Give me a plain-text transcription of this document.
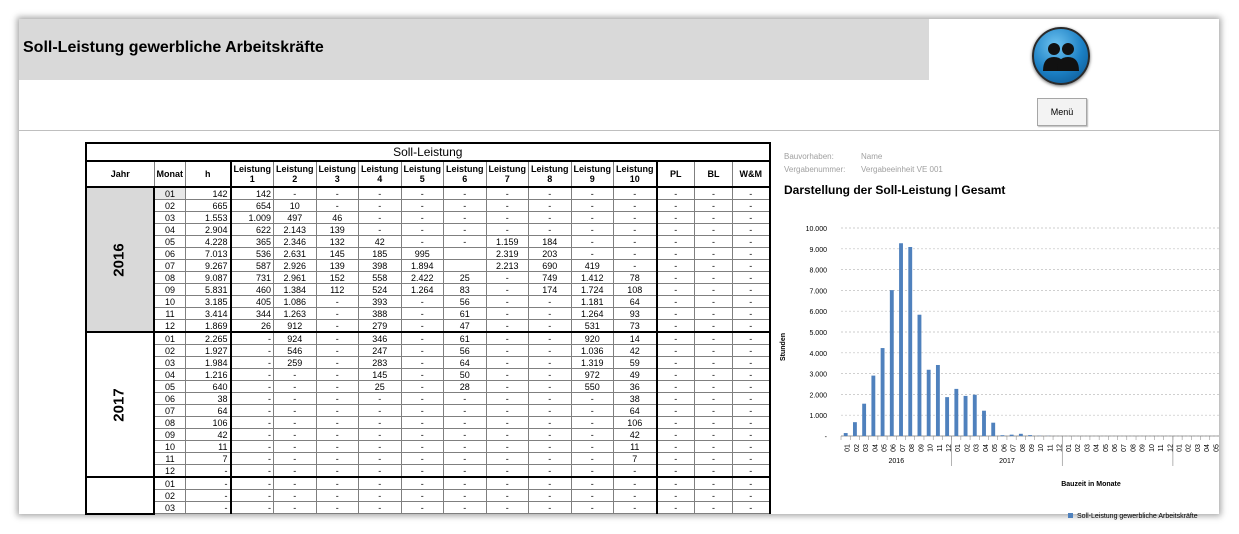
Soll-Leistung gewerbliche Arbeitskräfte
Menü
Soll-Leistung															
Jahr	Monat	h	Leistung 1	Leistung 2	Leistung 3	Leistung 4	Leistung 5	Leistung 6	Leistung 7	Leistung 8	Leistung 9	Leistung 10	PL	BL	W&M
2016	01	142	142	-	-	-	-	-	-	-	-	-	-	-	-
	02	665	654	10	-	-	-	-	-	-	-	-	-	-	-
	03	1.553	1.009	497	46	-	-	-	-	-	-	-	-	-	-
	04	2.904	622	2.143	139	-	-	-	-	-	-	-	-	-	-
	05	4.228	365	2.346	132	42	-	-	1.159	184	-	-	-	-	-
	06	7.013	536	2.631	145	185	995		2.319	203	-	-	-	-	-
	07	9.267	587	2.926	139	398	1.894		2.213	690	419	-	-	-	-
	08	9.087	731	2.961	152	558	2.422	25	-	749	1.412	78	-	-	-
	09	5.831	460	1.384	112	524	1.264	83	-	174	1.724	108	-	-	-
	10	3.185	405	1.086	-	393	-	56	-	-	1.181	64	-	-	-
	11	3.414	344	1.263	-	388	-	61	-	-	1.264	93	-	-	-
	12	1.869	26	912	-	279	-	47	-	-	531	73	-	-	-
2017	01	2.265	-	924	-	346	-	61	-	-	920	14	-	-	-
	02	1.927	-	546	-	247	-	56	-	-	1.036	42	-	-	-
	03	1.984	-	259	-	283	-	64	-	-	1.319	59	-	-	-
	04	1.216	-	-	-	145	-	50	-	-	972	49	-	-	-
	05	640	-	-	-	25	-	28	-	-	550	36	-	-	-
	06	38	-	-	-	-	-	-	-	-	-	38	-	-	-
	07	64	-	-	-	-	-	-	-	-	-	64	-	-	-
	08	106	-	-	-	-	-	-	-	-	-	106	-	-	-
	09	42	-	-	-	-	-	-	-	-	-	42	-	-	-
	10	11	-	-	-	-	-	-	-	-	-	11	-	-	-
	11	7	-	-	-	-	-	-	-	-	-	7	-	-	-
	12	-	-	-	-	-	-	-	-	-	-	-	-	-	-
	01	-	-	-	-	-	-	-	-	-	-	-	-	-	-
	02	-	-	-	-	-	-	-	-	-	-	-	-	-	-
	03	-	-	-	-	-	-	-	-	-	-	-	-	-	-
Bauvorhaben:	Name
Vergabenummer: Vergabeeinheit VE 001
Darstellung der Soll-Leistung | Gesamt
-
1.000
2.000
3.000
4.000
5.000
6.000
7.000
8.000
9.000
10.000
01 02 03 04 05 06 07 08 09 10 11 12 01 02 03 04 05 06 07 08 09 10 11 12 01 02 03 04 05 06 07 08 09 10 11 12 01 02 03 04 05
2016	2017
Bauzeit in Monate
Stunden
Soll-Leistung gewerbliche Arbeitskräfte
